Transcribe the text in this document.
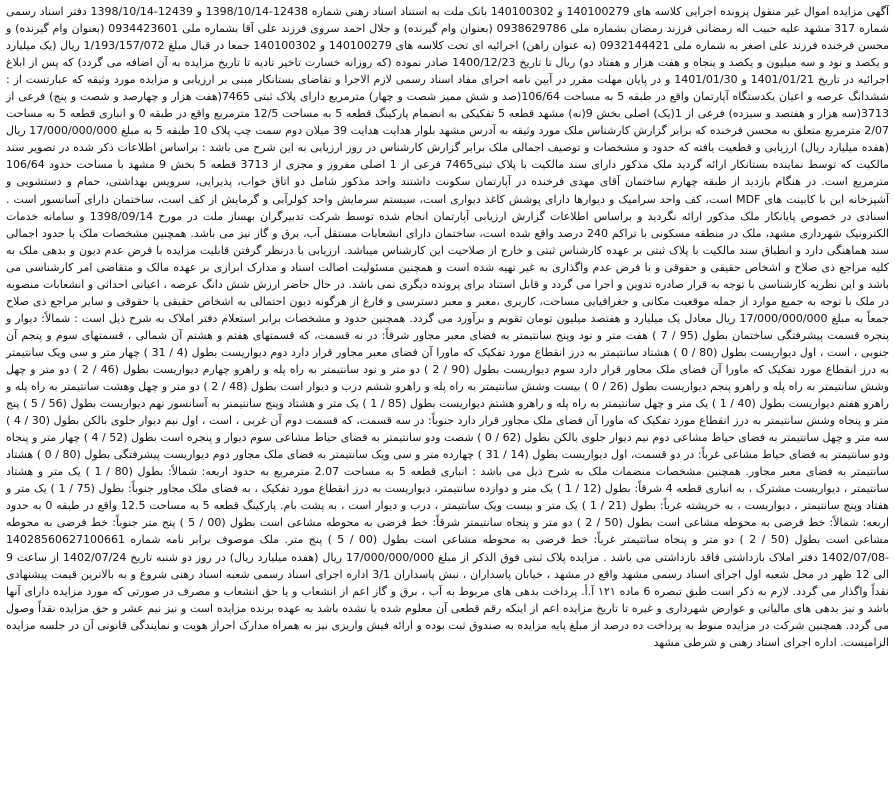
آگهی مزایده اموال غیر منقول پرونده اجرایی کلاسه های 140100279 و 140100302 بانک ملت به استناد اسناد رهنی شماره 12438-1398/10/14 و 12439-1398/10/14 دفتر اسناد رسمی شماره 317 مشهد علیه حبیب اله رمضانی فرزند رمضان بشماره ملی 0938629786 (بعنوان وام گیرنده) و جلال احمد سروی فرزند علی آقا بشماره ملی 0934423601 (بعنوان وام گیرنده) و محسن فرخنده فرزند علی اصغر به شماره ملی 0932144421 (به عنوان راهن) اجرائیه ای تحت کلاسه های 140100279 و 140100302 جمعا در قبال مبلغ 1/193/157/072 ریال (یک میلیارد و یکصد و نود و سه میلیون و یکصد و پنجاه و هفت هزار و هفتاد دو) ریال تا تاریخ 1400/12/23 صادر نموده (که روزانه خسارت تاخیر تادیه تا تاریخ مزایده به آن اضافه می گردد) که پس از ابلاغ اجرائیه در تاریخ 1401/01/21 و 1401/01/30 و در پایان مهلت مقرر در آیین نامه اجرای مفاد اسناد رسمی لازم الاجرا و تقاضای بستانکار مبنی بر ارزیابی و مزایده مورد وثیقه که عبارتست از : ششدانگ عرصه و اعیان یکدستگاه آپارتمان واقع در طبقه 5 به مساحت 106/64(صد و شش ممیز شصت و چهار) مترمربع دارای پلاک ثبتی 7465(هفت هزار و چهارصد و شصت و پنج) فرعی از 3713(سه هزار و هفتصد و سیزده) فرعی از 1(یک) اصلی بخش 9(نه) مشهد قطعه 5 تفکیکی به انضمام پارکینگ قطعه 5 به مساحت 12/5 مترمربع واقع در طبقه 0 و انباری قطعه 5 به مساحت 2/07 مترمربع متعلق به محسن فرخنده که برابر گزارش کارشناس ملک مورد وثیقه به آدرس مشهد بلوار هدایت هدایت 39 میلان دوم سمت چپ پلاک 10 طبقه 5 به مبلغ 17/000/000/000 ریال (هفده میلیارد ریال) ارزیابی و قطعیت یافته که حدود و مشخصات و توصیف اجمالی ملک برابر گزارش کارشناس در روز ارزیابی به این شرح می باشد : براساس اطلاعات ذکر شده در تصویر سند مالکیت که توسط نماینده بستانکار ارائه گردید ملک مذکور دارای سند مالکیت با پلاک ثبتی7465 فرعی از 1 اصلی مفروز و مجزی از 3713 قطعه 5 بخش 9 مشهد با مساحت حدود 106/64 مترمربع است. در هنگام بازدید از طبقه چهارم ساختمان آقای مهدی فرخنده در آپارتمان سکونت داشتند واحد مذکور شامل دو اتاق خواب، پذیرایی، سرویس بهداشتی، حمام و دستشویی و آشپزخانه این با کابینت های MDF است، کف واحد سرامیک و دیوارها دارای پوشش کاغذ دیواری است، سیستم سرمایش واحد کولرآبی و گرمایش از کف است، ساختمان دارای آسانسور است . اسنادی در خصوص پایانکار ملک مذکور ارائه نگردید و براساس اطلاعات گزارش ارزیابی آپارتمان انجام شده توسط شرکت تدبیرگران بهساز ملت در مورخ 1398/09/14 و سامانه خدمات الکترونیک شهرداری مشهد، ملک در منطقه مسکونی با تراکم 240 درصد واقع شده است، ساختمان دارای انشعابات مستقل آب، برق و گاز نیز می باشد. همچنین مشخصات ملک با حدود اجمالی سند هماهنگی دارد و انطباق سند مالکیت با پلاک ثبتی بر عهده کارشناس ثبتی و خارج از صلاحیت این کارشناس میباشد. ارزیابی با درنظر گرفتن قابلیت مزایده با فرض عدم دیون و بدهی ملک به کلیه مراجع ذی صلاح و اشخاص حقیقی و حقوقی و با فرض عدم واگذاری به غیر تهیه شده است و همچنین مسئولیت اصالت اسناد و مدارک ابرازی بر عهده مالک و متقاضی امر کارشناسی می باشد و این نظریه کارشناسی با توجه به قرار صادره تدوین و اجرا می گردد و قابل استناد برای پرونده دیگری نمی باشد. در حال حاضر ارزش شش دانگ عرصه ، اعیانی احداثی و انشعابات منصوبه در ملک با توجه به جمیع موارد از جمله موقعیت مکانی و جغرافیایی مساحت، کاربری ،معبر و معبر دسترسی و فارغ از هرگونه دیون احتمالی به اشخاص حقیقی یا حقوقی و سایر مراجع ذی صلاح جمعاً به مبلغ 17/000/000/000 ریال معادل یک میلیارد و هفتصد میلیون تومان تقویم و برآورد می گردد. همچنین حدود و مشخصات برابر استعلام دفتر املاک به شرح ذیل است : شمالاً: دیوار و پنجره قسمت پیشرفتگی ساختمان بطول (95 / 7 ) هفت متر و نود وپنج سانتیمتر به فضای معبر مجاور شرقاً: در نه قسمت، که قسمتهای هفتم و هشتم آن شمالی ، قسمتهای سوم و پنجم آن جنوبی ، است ، اول دیواریست بطول (80 / 0 ) هشتاد سانتیمتر به درز انقطاع مورد تفکیک که ماورا آن فضای معبر مجاور قرار دارد دوم دیواریست بطول (4 / 31 ) چهار متر و سی ویک سانتیمتر به درز انقطاع مورد تفکیک که ماورا آن فضای ملک مجاور قرار دارد سوم دیواریست بطول (90 / 2 ) دو متر و نود سانتیمتر به راه پله و راهرو چهارم دیواریست بطول (46 / 2 ) دو متر و چهل وشش سانتیمتر به راه پله و راهرو پنجم دیواریست بطول (26 / 0 ) بیست وشش سانتیمتر به راه پله و راهرو ششم درب و دیوار است بطول (48 / 2 ) دو متر و چهل وهشت سانتیمتر به راه پله و راهرو هفتم دیواریست بطول (40 / 1 ) یک متر و چهل سانتیمتر به راه پله و راهرو هشتم دیواریست بطول (85 / 1 ) یک متر و هشتاد وپنج سانتیمتر به آسانسور نهم دیواریست بطول (56 / 5 ) پنج متر و پنجاه وشش سانتیمتر به درز انقطاع مورد تفکیک که ماورا آن فضای ملک مجاور قرار دارد جنوباً: در سه قسمت، که قسمت دوم آن غربی ، است ، اول نیم دیوار جلوی بالکن بطول (30 / 4 ) سه متر و چهل سانتیمتر به فضای حیاط مشاعی دوم نیم دیوار جلوی بالکن بطول (62 / 0 ) شصت ودو سانتیمتر به فضای حیاط مشاعی سوم دیوار و پنجره است بطول (52 / 4 ) چهار متر و پنجاه ودو سانتیمتر به فضای حیاط مشاعی غرباً: در دو قسمت، اول دیواریست بطول (14 / 31 ) چهارده متر و سی ویک سانتیمتر به فضای ملک مجاور دوم دیواریست پیشرفتگی بطول (80 / 0 ) هشتاد سانتیمتر به فضای معبر مجاور. همچنین مشخصات منضمات ملک به شرح ذیل می باشد : انباری قطعه 5 به مساحت 2.07 مترمربع به حدود اربعه: شمالاً: بطول (80 / 1 ) یک متر و هشتاد سانتیمتر ، دیواریست مشترک ، به انباری قطعه 4 شرقاً: بطول (12 / 1 ) یک متر و دوازده سانتیمتر، دیواریست به درز انقطاع مورد تفکیک ، به فضای ملک مجاور جنوباً: بطول (75 / 1 ) یک متر و هفتاد وپنج سانتیمتر ، دیواریست ، به خرپشته غرباً: بطول (21 / 1 ) یک متر و بیست ویک سانتیمتر ، درب و دیوار است ، به پشت بام. پارکینگ قطعه 5 به مساحت 12.5 واقع در طبقه 0 به حدود اربعه: شمالاً: خط فرضی به محوطه مشاعی است بطول (50 / 2 ) دو متر و پنجاه سانتیمتر شرقاً: خط فرضی به محوطه مشاعی است بطول (00 / 5 ) پنج متر جنوباً: خط فرضی به محوطه مشاعی است بطول (50 / 2 ) دو متر و پنجاه سانتیمتر غرباً: خط فرضی به محوطه مشاعی است بطول (00 / 5 ) پنج متر. ملک موصوف برابر نامه شماره 14028560627100661 -1402/07/08 دفتر املاک بازداشتی فاقد بازداشتی می باشد . مزایده پلاک ثبتی فوق الذکر از مبلغ 17/000/000/000 ریال (هفده میلیارد ریال) در روز دو شنبه تاریخ 1402/07/24 از ساعت 9 الی 12 ظهر در محل شعبه اول اجرای اسناد رسمی مشهد واقع در مشهد ، خیابان پاسداران ، نبش پاسداران 3/1 اداره اجرای اسناد رسمی شعبه اسناد رهنی شروع و به بالاترین قیمت پیشنهادی نقداً واگذار می گردد. لازم به ذکر است طبق تبصره 6 ماده ۱۲۱ آ.أ. پرداخت بدهی های مربوط به آب ، برق و گاز اعم از انشعاب و یا حق انشعاب و مصرف در صورتی که مورد مزایده دارای آنها باشد و نیز بدهی های مالیاتی و عوارض شهرداری و غیره تا تاریخ مزایده اعم از اینکه رقم قطعی آن معلوم شده یا نشده باشد به عهده برنده مزایده است و نیز نیم عشر و حق مزایده نقداً وصول می گردد. همچنین شرکت در مزایده منوط به پرداخت ده درصد از مبلغ پایه مزایده به صندوق ثبت بوده و ارائه فیش واریزی نیز به همراه مدارک احراز هویت و نمایندگی قانونی آن در جلسه مزایده الزامیست. اداره اجرای اسناد رهنی و شرطی مشهد
